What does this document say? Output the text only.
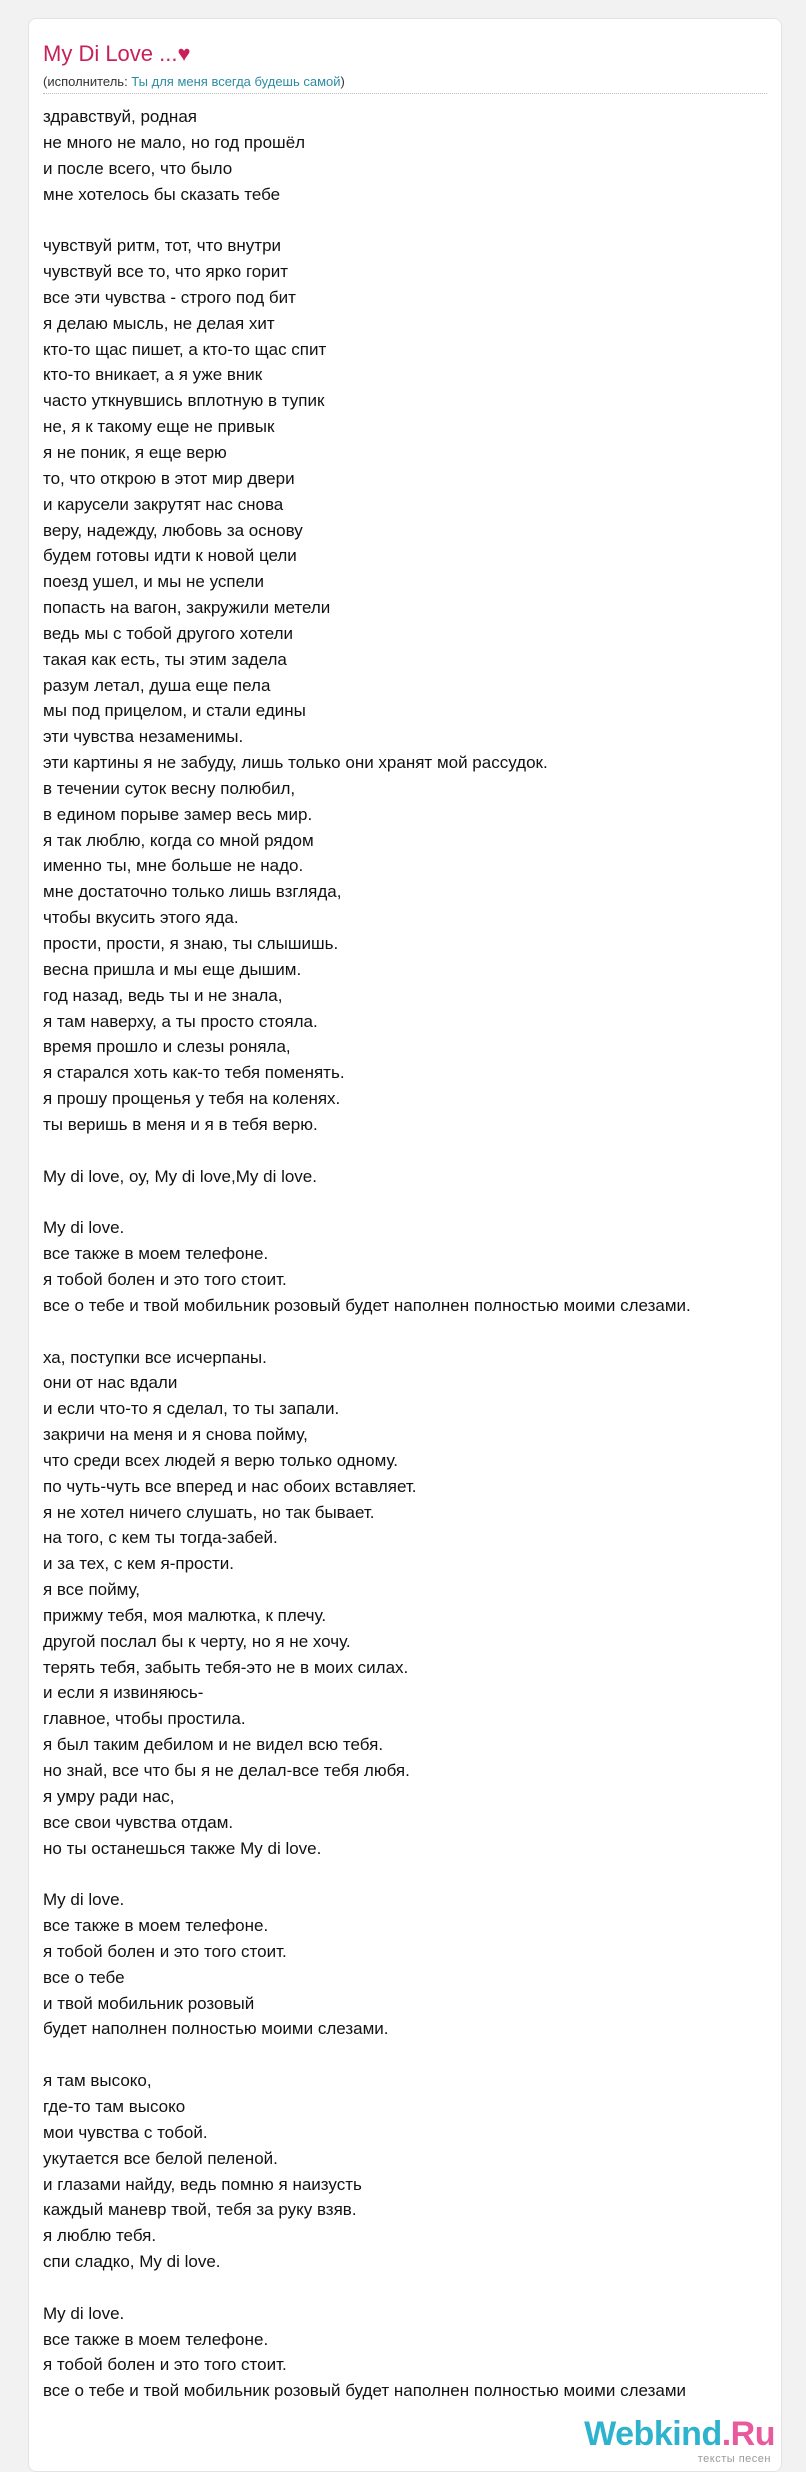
My Di Love ...♥
(исполнитель: Ты для меня всегда будешь самой)
здравствуй, родная
не много не мало, но год прошёл
и после всего, что было
мне хотелось бы сказать тебе
чувствуй ритм, тот, что внутри
чувствуй все то, что ярко горит
все эти чувства - строго под бит
я делаю мысль, не делая хит
кто-то щас пишет, а кто-то щас спит
кто-то вникает, а я уже вник
часто уткнувшись вплотную в тупик
не, я к такому еще не привык
я не поник, я еще верю
то, что открою в этот мир двери
и карусели закрутят нас снова
веру, надежду, любовь за основу
будем готовы идти к новой цели
поезд ушел, и мы не успели
попасть на вагон, закружили метели
ведь мы с тобой другого хотели
такая как есть, ты этим задела
разум летал, душа еще пела
мы под прицелом, и стали едины
эти чувства незаменимы.
эти картины я не забуду, лишь только они хранят мой рассудок.
в течении суток весну полюбил,
в едином порыве замер весь мир.
я так люблю, когда со мной рядом
именно ты, мне больше не надо.
мне достаточно только лишь взгляда,
чтобы вкусить этого яда.
прости, прости, я знаю, ты слышишь.
весна пришла и мы еще дышим.
год назад, ведь ты и не знала,
я там наверху, а ты просто стояла.
время прошло и слезы роняла,
я старался хоть как-то тебя поменять.
я прошу прощенья у тебя на коленях.
ты веришь в меня и я в тебя верю.
My di love, оу, My di love,My di love.
My di love.
все также в моем телефоне.
я тобой болен и это того стоит.
все о тебе и твой мобильник розовый будет наполнен полностью моими слезами.
ха, поступки все исчерпаны.
они от нас вдали
и если что-то я сделал, то ты запали.
закричи на меня и я снова пойму,
что среди всех людей я верю только одному.
по чуть-чуть все вперед и нас обоих вставляет.
я не хотел ничего слушать, но так бывает.
на того, с кем ты тогда-забей.
и за тех, с кем я-прости.
я все пойму,
прижму тебя, моя малютка, к плечу.
другой послал бы к черту, но я не хочу.
терять тебя, забыть тебя-это не в моих силах.
и если я извиняюсь-
главное, чтобы простила.
я был таким дебилом и не видел всю тебя.
но знай, все что бы я не делал-все тебя любя.
я умру ради нас,
все свои чувства отдам.
но ты останешься также My di love.
My di love.
все также в моем телефоне.
я тобой болен и это того стоит.
все о тебе
и твой мобильник розовый
будет наполнен полностью моими слезами.
я там высоко,
где-то там высоко
мои чувства с тобой.
укутается все белой пеленой.
и глазами найду, ведь помню я наизусть
каждый маневр твой, тебя за руку взяв.
я люблю тебя.
спи сладко, My di love.
My di love.
все также в моем телефоне.
я тобой болен и это того стоит.
все о тебе и твой мобильник розовый будет наполнен полностью моими слезами
Webkind.Ru
тексты песен
